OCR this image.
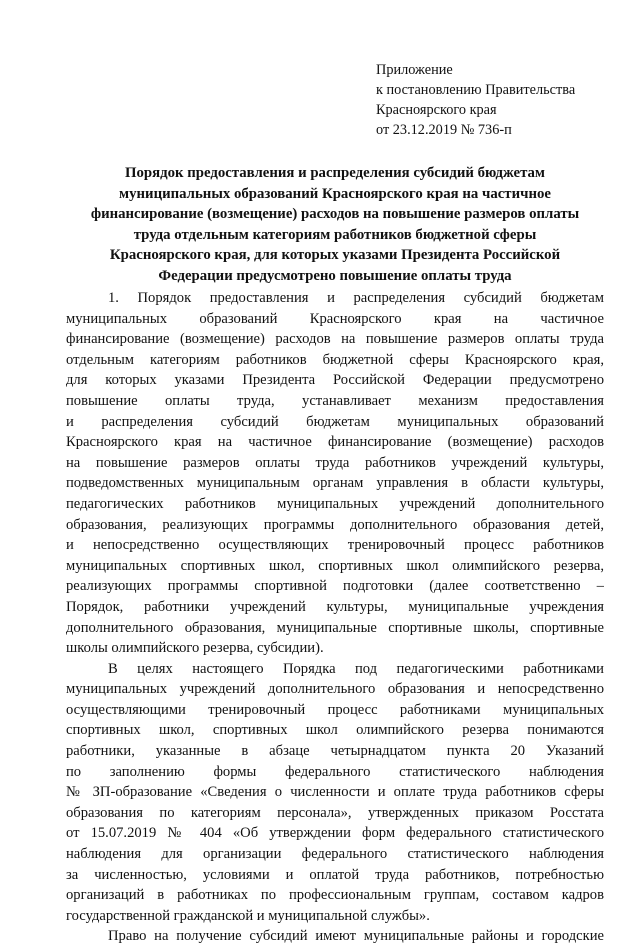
Приложение
к постановлению Правительства
Красноярского края
от 23.12.2019 № 736-п
Порядок предоставления и распределения субсидий бюджетам
муниципальных образований Красноярского края на частичное
финансирование (возмещение) расходов на повышение размеров оплаты
труда отдельным категориям работников бюджетной сферы
Красноярского края, для которых указами Президента Российской
Федерации предусмотрено повышение оплаты труда
1. Порядок предоставления и распределения субсидий бюджетам
муниципальных образований Красноярского края на частичное
финансирование (возмещение) расходов на повышение размеров оплаты труда
отдельным категориям работников бюджетной сферы Красноярского края,
для которых указами Президента Российской Федерации предусмотрено
повышение оплаты труда, устанавливает механизм предоставления
и распределения субсидий бюджетам муниципальных образований
Красноярского края на частичное финансирование (возмещение) расходов
на повышение размеров оплаты труда работников учреждений культуры,
подведомственных муниципальным органам управления в области культуры,
педагогических работников муниципальных учреждений дополнительного
образования, реализующих программы дополнительного образования детей,
и непосредственно осуществляющих тренировочный процесс работников
муниципальных спортивных школ, спортивных школ олимпийского резерва,
реализующих программы спортивной подготовки (далее соответственно –
Порядок, работники учреждений культуры, муниципальные учреждения
дополнительного образования, муниципальные спортивные школы, спортивные
школы олимпийского резерва, субсидии).
В целях настоящего Порядка под педагогическими работниками
муниципальных учреждений дополнительного образования и непосредственно
осуществляющими тренировочный процесс работниками муниципальных
спортивных школ, спортивных школ олимпийского резерва понимаются
работники, указанные в абзаце четырнадцатом пункта 20 Указаний
по заполнению формы федерального статистического наблюдения
№ ЗП-образование «Сведения о численности и оплате труда работников сферы
образования по категориям персонала», утвержденных приказом Росстата
от 15.07.2019 № 404 «Об утверждении форм федерального статистического
наблюдения для организации федерального статистического наблюдения
за численностью, условиями и оплатой труда работников, потребностью
организаций в работниках по профессиональным группам, составом кадров
государственной гражданской и муниципальной службы».
Право на получение субсидий имеют муниципальные районы и городские
